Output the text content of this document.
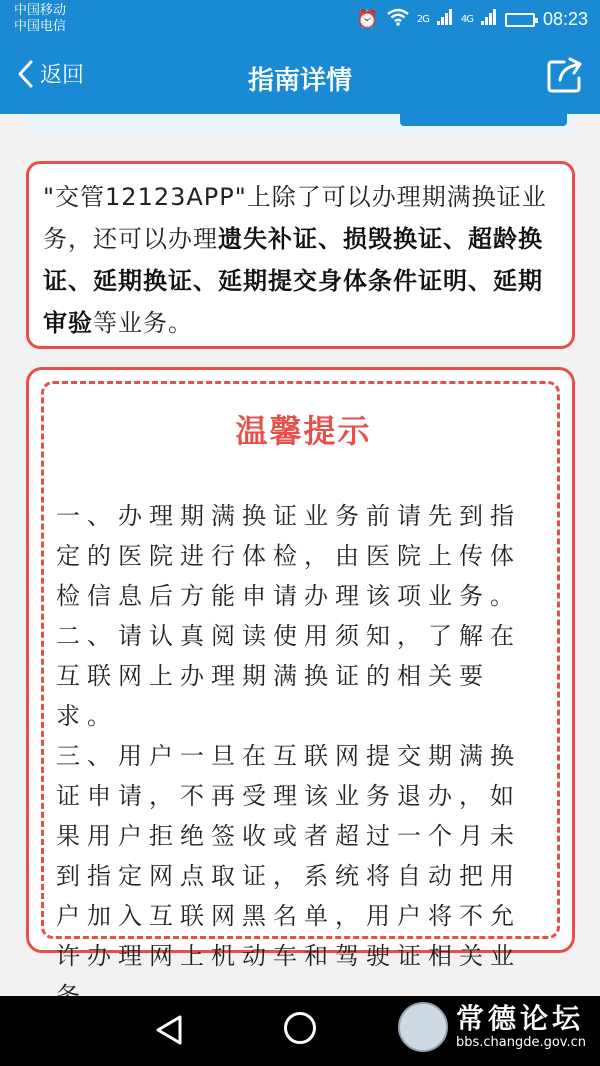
中国移动
中国电信	⏰	2G	4G	08:23
返回	指南详情

"交管12123APP"上除了可以办理期满换证业务，还可以办理遗失补证、损毁换证、超龄换证、延期换证、延期提交身体条件证明、延期审验等业务。

温馨提示

一、办理期满换证业务前请先到指定的医院进行体检，由医院上传体检信息后方能申请办理该项业务。

二、请认真阅读使用须知，了解在互联网上办理期满换证的相关要求。

三、用户一旦在互联网提交期满换证申请，不再受理该业务退办，如果用户拒绝签收或者超过一个月未到指定网点取证，系统将自动把用户加入互联网黑名单，用户将不允许办理网上机动车和驾驶证相关业

常德论坛
bbs.changde.gov.cn
